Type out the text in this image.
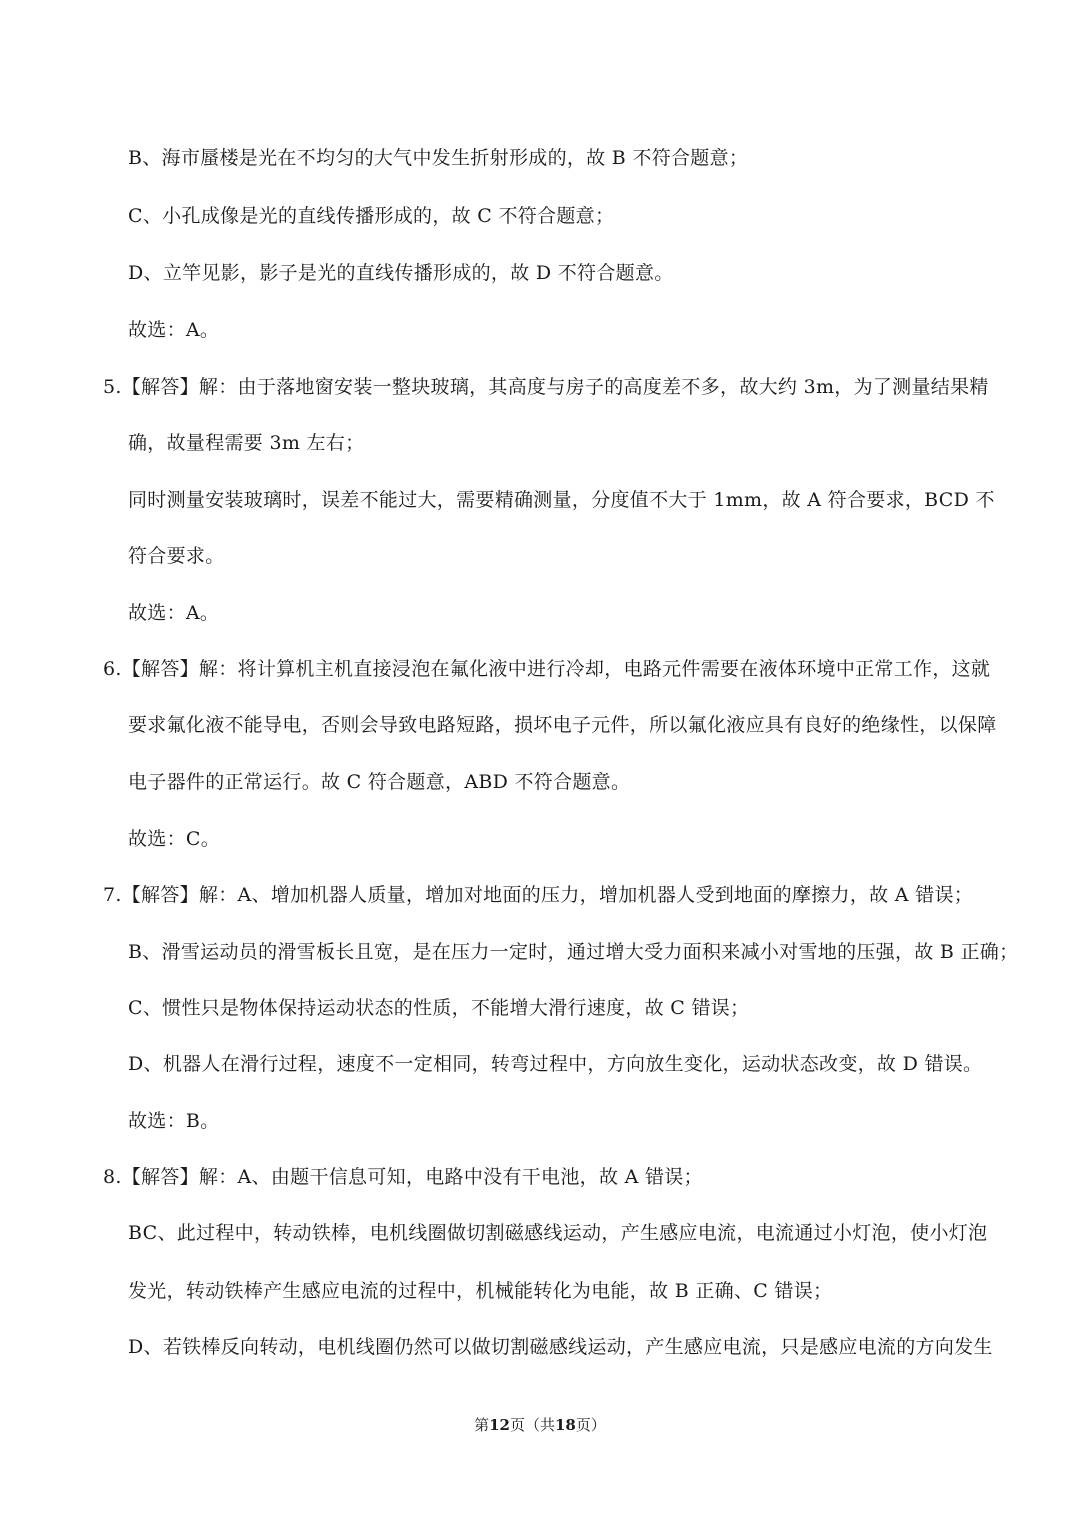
B、海市蜃楼是光在不均匀的大气中发生折射形成的，故 B 不符合题意；
C、小孔成像是光的直线传播形成的，故 C 不符合题意；
D、立竿见影，影子是光的直线传播形成的，故 D 不符合题意。
故选：A。
5.【解答】解：由于落地窗安装一整块玻璃，其高度与房子的高度差不多，故大约 3m，为了测量结果精
确，故量程需要 3m 左右；
同时测量安装玻璃时，误差不能过大，需要精确测量，分度值不大于 1mm，故 A 符合要求，BCD 不
符合要求。
故选：A。
6.【解答】解：将计算机主机直接浸泡在氟化液中进行冷却，电路元件需要在液体环境中正常工作，这就
要求氟化液不能导电，否则会导致电路短路，损坏电子元件，所以氟化液应具有良好的绝缘性，以保障
电子器件的正常运行。故 C 符合题意，ABD 不符合题意。
故选：C。
7.【解答】解：A、增加机器人质量，增加对地面的压力，增加机器人受到地面的摩擦力，故 A 错误；
B、滑雪运动员的滑雪板长且宽，是在压力一定时，通过增大受力面积来减小对雪地的压强，故 B 正确；
C、惯性只是物体保持运动状态的性质，不能增大滑行速度，故 C 错误；
D、机器人在滑行过程，速度不一定相同，转弯过程中，方向放生变化，运动状态改变，故 D 错误。
故选：B。
8.【解答】解：A、由题干信息可知，电路中没有干电池，故 A 错误；
BC、此过程中，转动铁棒，电机线圈做切割磁感线运动，产生感应电流，电流通过小灯泡，使小灯泡
发光，转动铁棒产生感应电流的过程中，机械能转化为电能，故 B 正确、C 错误；
D、若铁棒反向转动，电机线圈仍然可以做切割磁感线运动，产生感应电流，只是感应电流的方向发生
第12页（共18页）
